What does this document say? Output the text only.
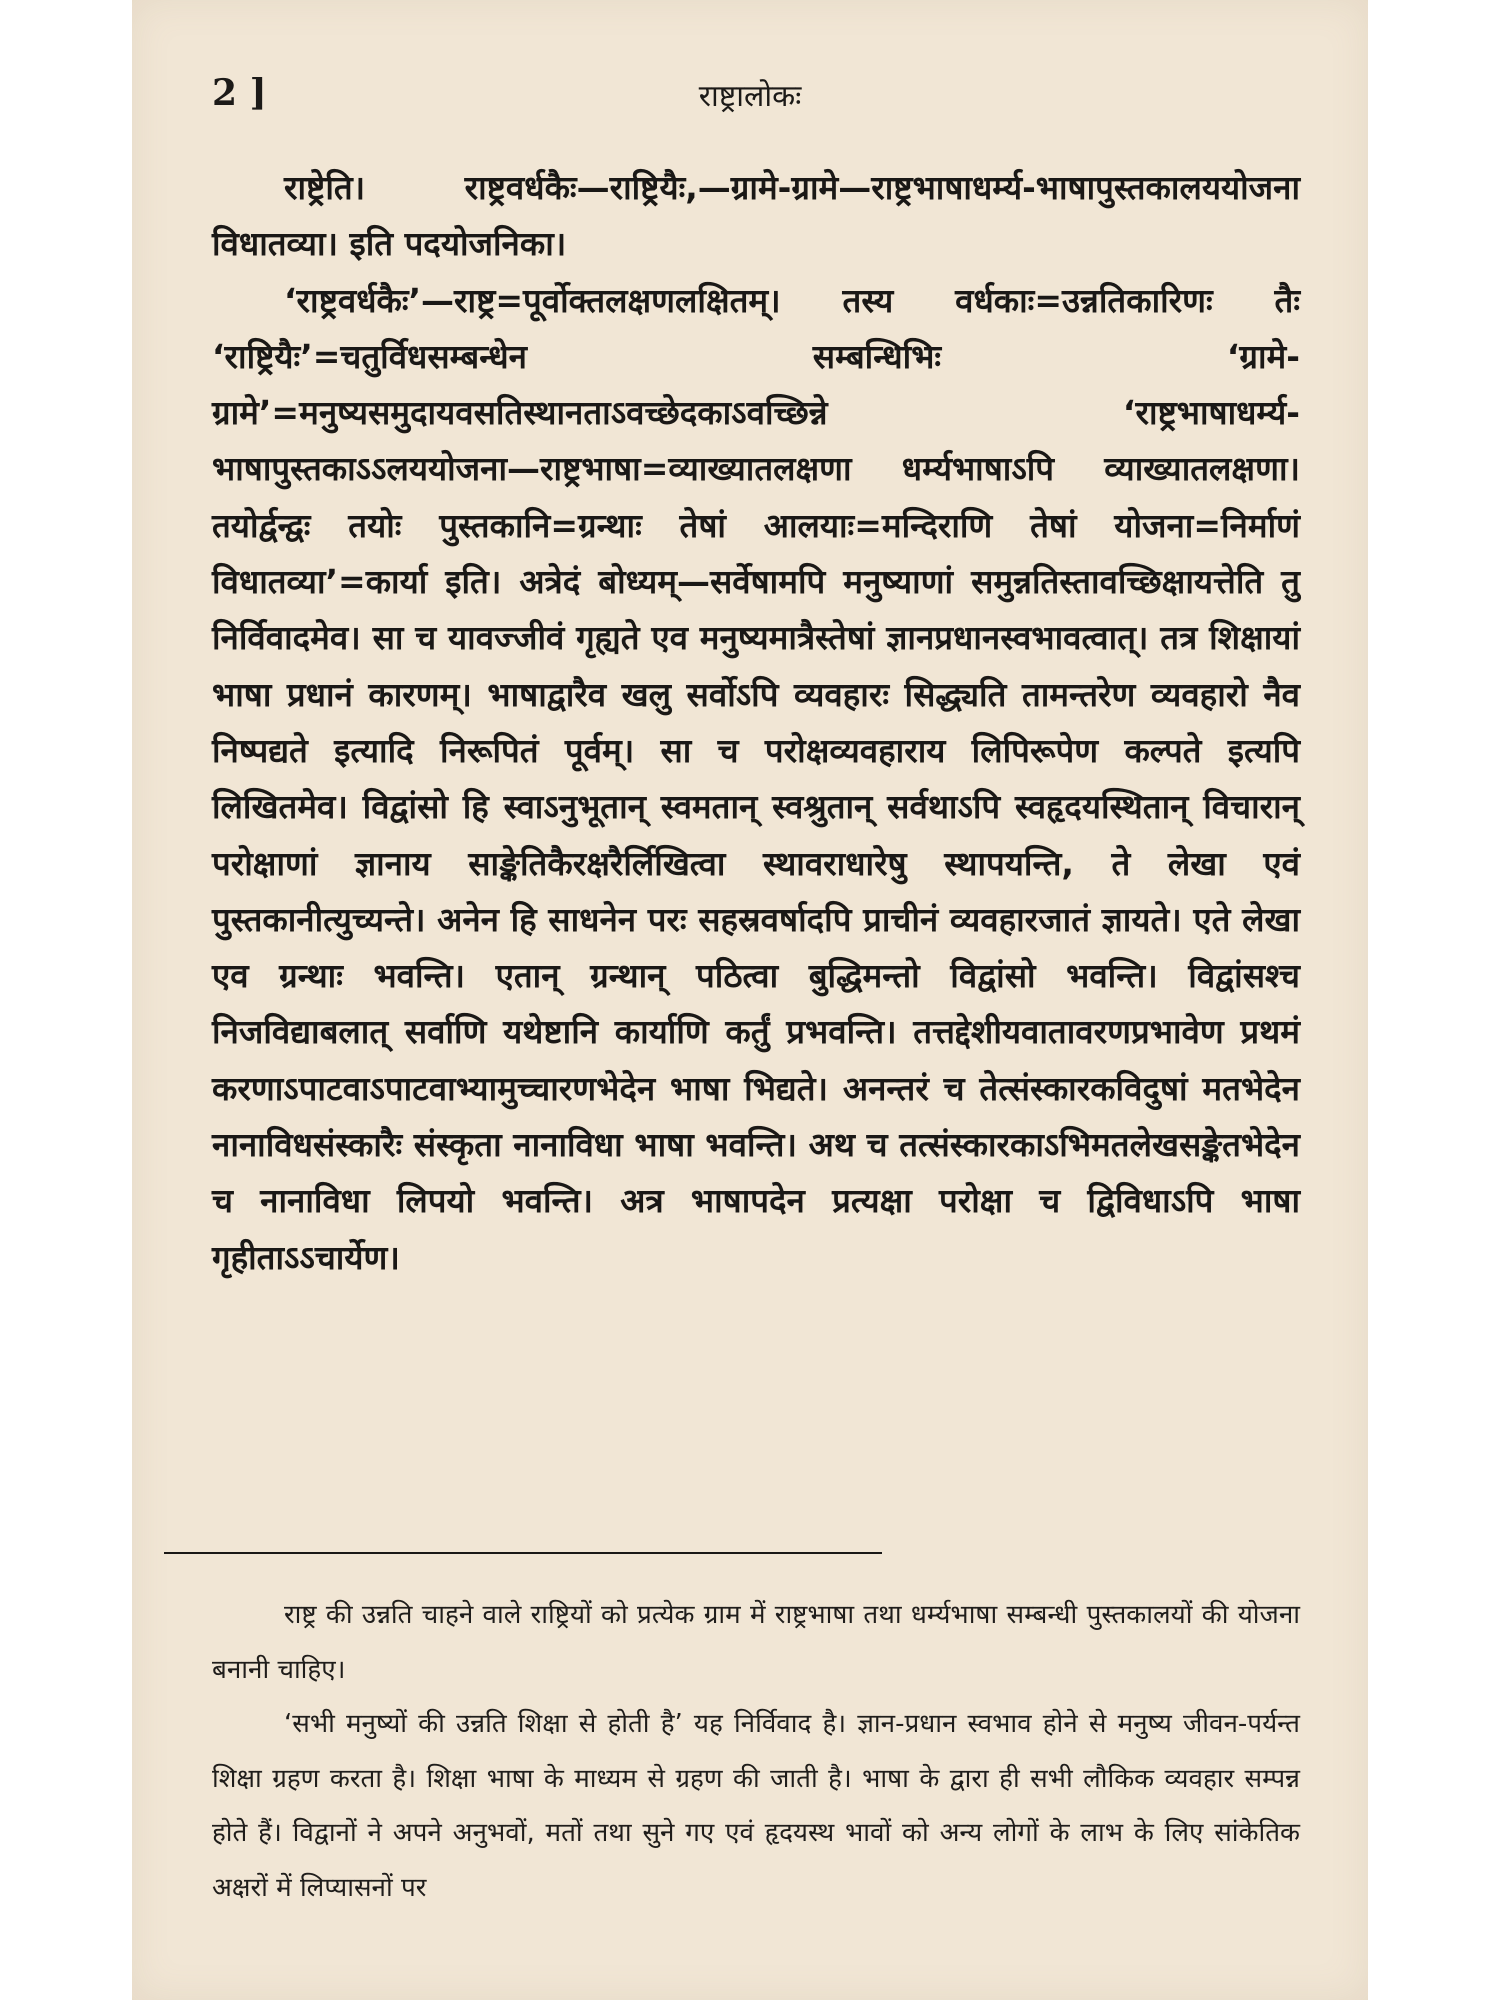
2 ]	राष्ट्रालोकः

राष्ट्रेति। राष्ट्रवर्धकैः—राष्ट्रियैः,—ग्रामे-ग्रामे—राष्ट्रभाषाधर्म्य-भाषापुस्तकालययोजना विधातव्या। इति पदयोजनिका।

‘राष्ट्रवर्धकैः’—राष्ट्र=पूर्वोक्तलक्षणलक्षितम्। तस्य वर्धकाः=उन्नतिकारिणः तैः ‘राष्ट्रियैः’=चतुर्विधसम्बन्धेन सम्बन्धिभिः ‘ग्रामे-ग्रामे’=मनुष्यसमुदायवसतिस्थानताऽवच्छेदकाऽवच्छिन्ने ‘राष्ट्रभाषाधर्म्य-भाषापुस्तकाऽऽलययोजना—राष्ट्रभाषा=व्याख्यातलक्षणा धर्म्यभाषाऽपि व्याख्यातलक्षणा। तयोर्द्वन्द्वः तयोः पुस्तकानि=ग्रन्थाः तेषां आलयाः=मन्दिराणि तेषां योजना=निर्माणं विधातव्या’=कार्या इति। अत्रेदं बोध्यम्—सर्वेषामपि मनुष्याणां समुन्नतिस्तावच्छिक्षायत्तेति तु निर्विवादमेव। सा च यावज्जीवं गृह्यते एव मनुष्यमात्रैस्तेषां ज्ञानप्रधानस्वभावत्वात्। तत्र शिक्षायां भाषा प्रधानं कारणम्। भाषाद्वारैव खलु सर्वोऽपि व्यवहारः सिद्ध्यति तामन्तरेण व्यवहारो नैव निष्पद्यते इत्यादि निरूपितं पूर्वम्। सा च परोक्षव्यवहाराय लिपिरूपेण कल्पते इत्यपि लिखितमेव। विद्वांसो हि स्वाऽनुभूतान् स्वमतान् स्वश्रुतान् सर्वथाऽपि स्वहृदयस्थितान् विचारान् परोक्षाणां ज्ञानाय साङ्केतिकैरक्षरैर्लिखित्वा स्थावराधारेषु स्थापयन्ति, ते लेखा एवं पुस्तकानीत्युच्यन्ते। अनेन हि साधनेन परः सहस्रवर्षादपि प्राचीनं व्यवहारजातं ज्ञायते। एते लेखा एव ग्रन्थाः भवन्ति। एतान् ग्रन्थान् पठित्वा बुद्धिमन्तो विद्वांसो भवन्ति। विद्वांसश्च निजविद्याबलात् सर्वाणि यथेष्टानि कार्याणि कर्तुं प्रभवन्ति। तत्तद्देशीयवातावरणप्रभावेण प्रथमं करणाऽपाटवाऽपाटवाभ्यामुच्चारणभेदेन भाषा भिद्यते। अनन्तरं च तेत्संस्कारकविदुषां मतभेदेन नानाविधसंस्कारैः संस्कृता नानाविधा भाषा भवन्ति। अथ च तत्संस्कारकाऽभिमतलेखसङ्केतभेदेन च नानाविधा लिपयो भवन्ति। अत्र भाषापदेन प्रत्यक्षा परोक्षा च द्विविधाऽपि भाषा गृहीताऽऽचार्येण।

राष्ट्र की उन्नति चाहने वाले राष्ट्रियों को प्रत्येक ग्राम में राष्ट्रभाषा तथा धर्म्यभाषा सम्बन्धी पुस्तकालयों की योजना बनानी चाहिए।

‘सभी मनुष्यों की उन्नति शिक्षा से होती है’ यह निर्विवाद है। ज्ञान-प्रधान स्वभाव होने से मनुष्य जीवन-पर्यन्त शिक्षा ग्रहण करता है। शिक्षा भाषा के माध्यम से ग्रहण की जाती है। भाषा के द्वारा ही सभी लौकिक व्यवहार सम्पन्न होते हैं। विद्वानों ने अपने अनुभवों, मतों तथा सुने गए एवं हृदयस्थ भावों को अन्य लोगों के लाभ के लिए सांकेतिक अक्षरों में लिप्यासनों पर
